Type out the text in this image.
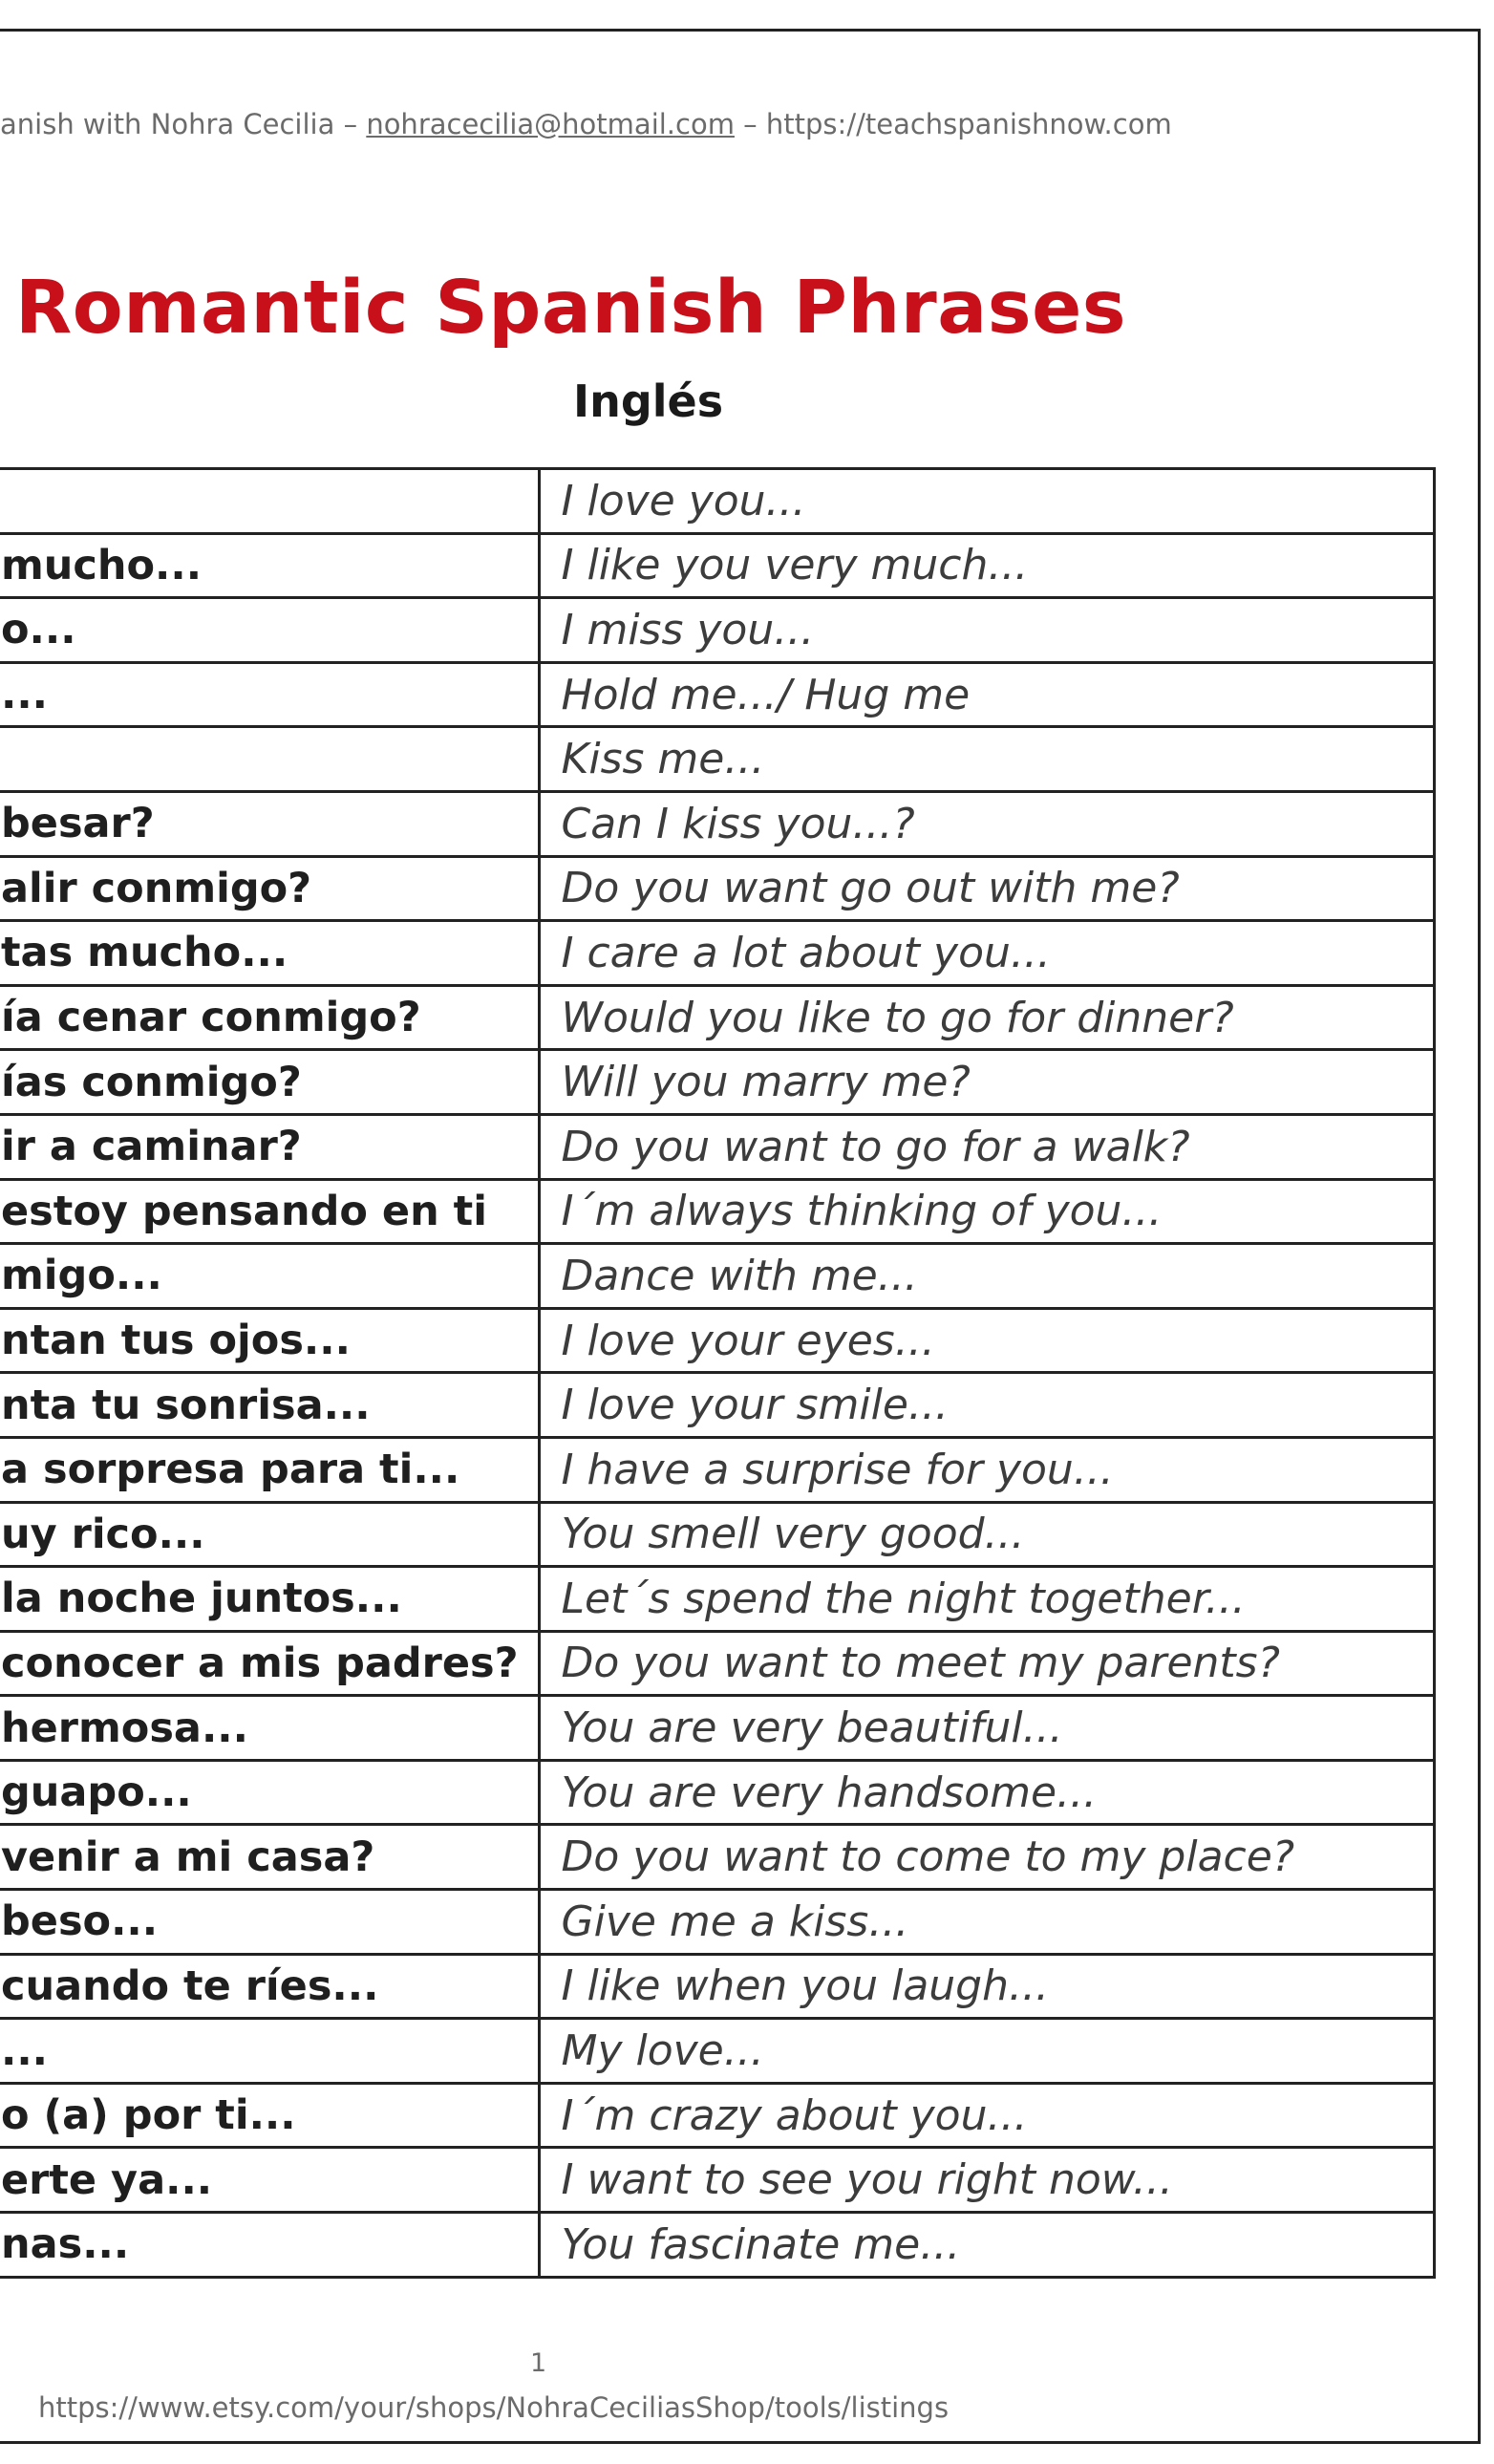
anish with Nohra Cecilia – nohracecilia@hotmail.com – https://teachspanishnow.com
Romantic Spanish Phrases
Inglés
	I love you...
mucho...	I like you very much...
o...	I miss you...
...	Hold me.../ Hug me
	Kiss me...
besar?	Can I kiss you...?
alir conmigo?	Do you want go out with me?
tas mucho...	I care a lot about you...
ía cenar conmigo?	Would you like to go for dinner?
ías conmigo?	Will you marry me?
ir a caminar?	Do you want to go for a walk?
estoy pensando en ti	I´m always thinking of you...
migo...	Dance with me...
ntan tus ojos...	I love your eyes...
nta tu sonrisa...	I love your smile...
a sorpresa para ti...	I have a surprise for you...
uy rico...	You smell very good...
la noche juntos...	Let´s spend the night together...
conocer a mis padres?	Do you want to meet my parents?
hermosa...	You are very beautiful...
guapo...	You are very handsome...
venir a mi casa?	Do you want to come to my place?
beso...	Give me a kiss...
cuando te ríes...	I like when you laugh...
...	My love...
o (a) por ti...	I´m crazy about you...
erte ya...	I want to see you right now...
nas...	You fascinate me...
1
https://www.etsy.com/your/shops/NohraCeciliasShop/tools/listings
